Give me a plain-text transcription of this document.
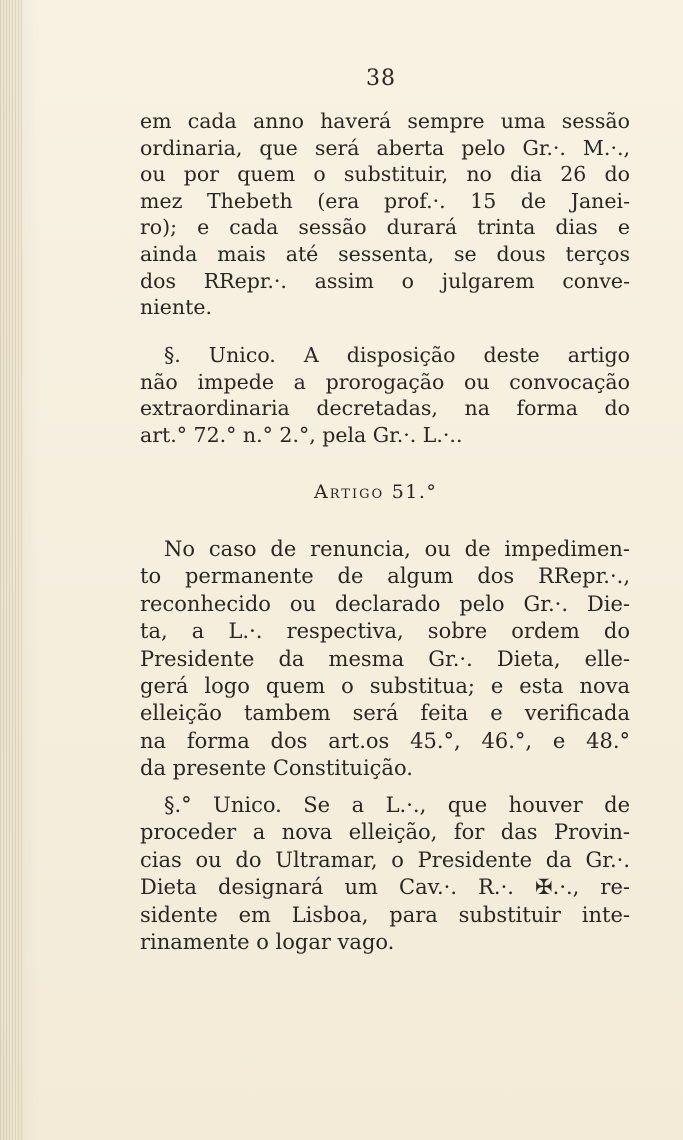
38
em cada anno haverá sempre uma sessão
ordinaria, que será aberta pelo Gr.·. M.·.,
ou por quem o substituir, no dia 26 do
mez Thebeth (era prof.·. 15 de Janei-
ro); e cada sessão durará trinta dias e
ainda mais até sessenta, se dous terços
dos RRepr.·. assim o julgarem conve-
niente.
§. Unico. A disposição deste artigo
não impede a prorogação ou convocação
extraordinaria decretadas, na forma do
art.° 72.° n.° 2.°, pela Gr.·. L.·..
Artigo 51.°
No caso de renuncia, ou de impedimen-
to permanente de algum dos RRepr.·.,
reconhecido ou declarado pelo Gr.·. Die-
ta, a L.·. respectiva, sobre ordem do
Presidente da mesma Gr.·. Dieta, elle-
gerá logo quem o substitua; e esta nova
elleição tambem será feita e verificada
na forma dos art.os 45.°, 46.°, e 48.°
da presente Constituição.
§.° Unico. Se a L.·., que houver de
proceder a nova elleição, for das Provin-
cias ou do Ultramar, o Presidente da Gr.·.
Dieta designará um Cav.·. R.·. ✠.·., re-
sidente em Lisboa, para substituir inte-
rinamente o logar vago.
